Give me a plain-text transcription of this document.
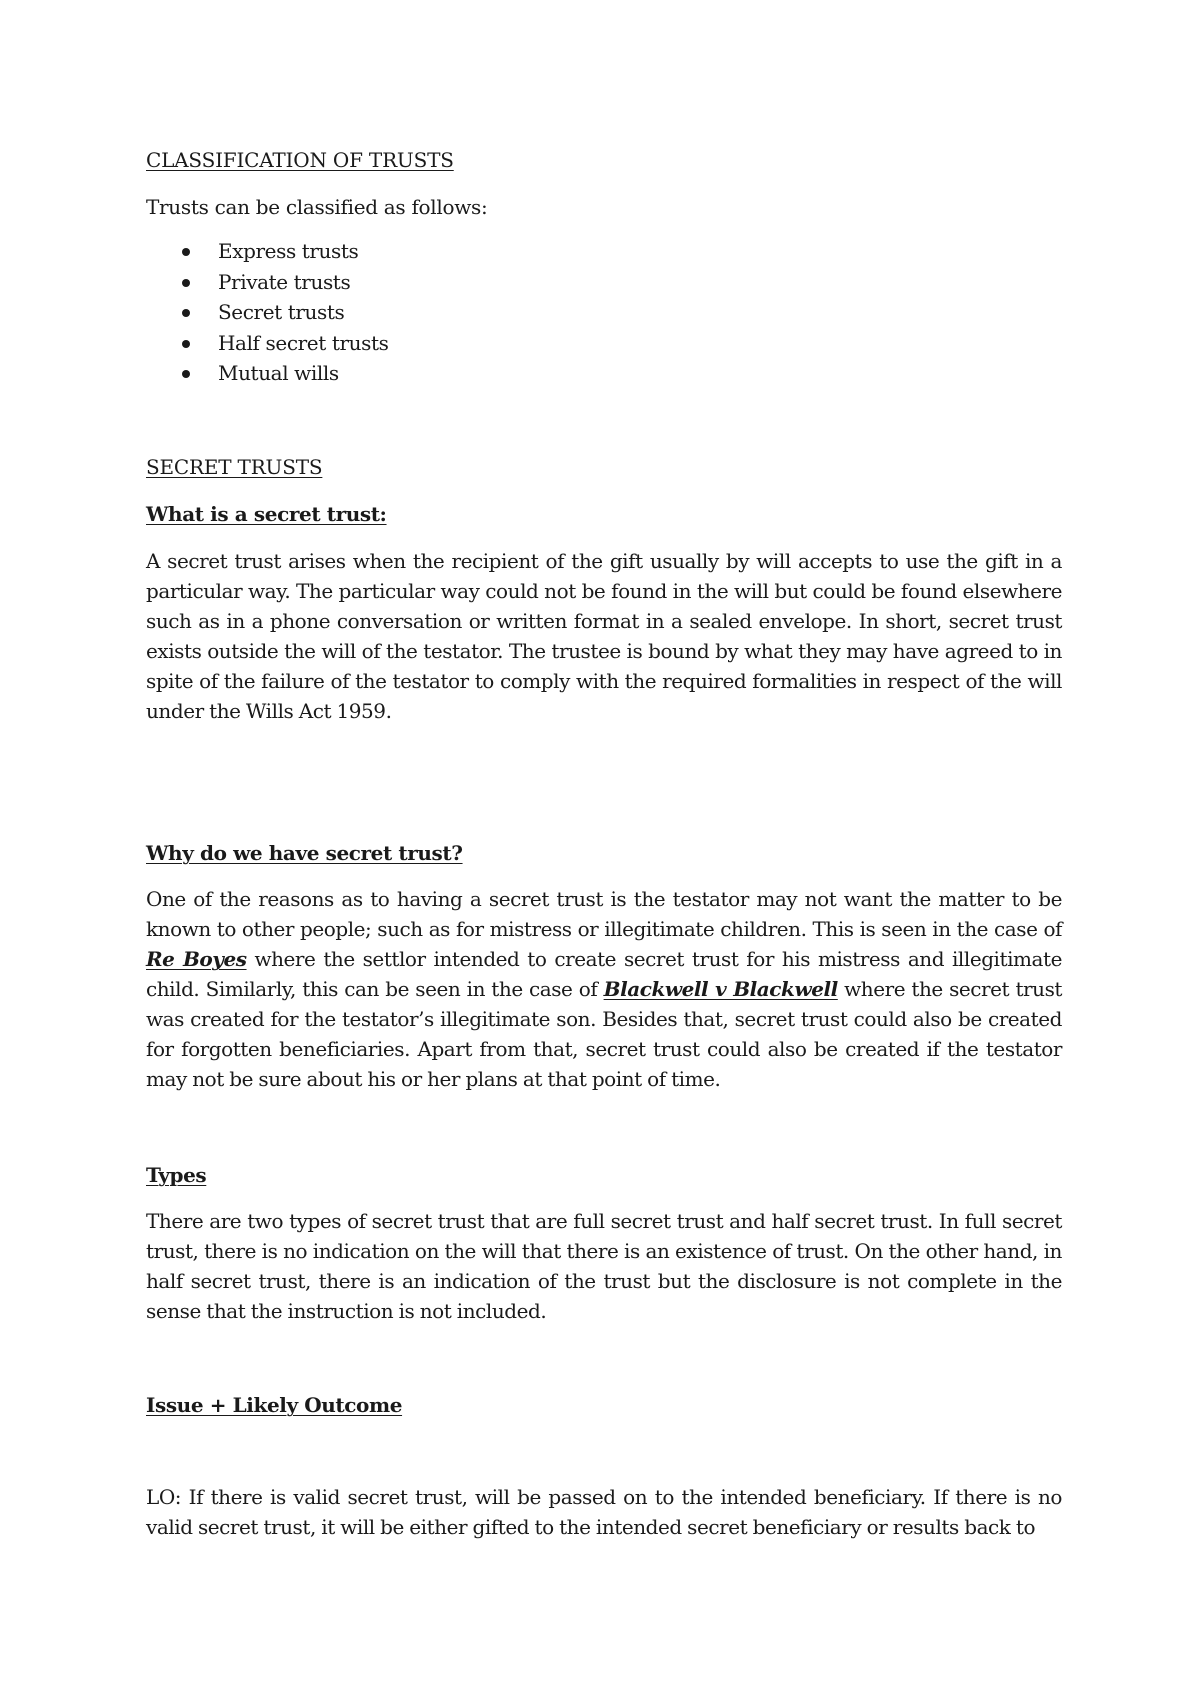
CLASSIFICATION OF TRUSTS
Trusts can be classified as follows:
Express trusts
Private trusts
Secret trusts
Half secret trusts
Mutual wills
SECRET TRUSTS
What is a secret trust:

A secret trust arises when the recipient of the gift usually by will accepts to use the gift in a particular way. The particular way could not be found in the will but could be found elsewhere such as in a phone conversation or written format in a sealed envelope. In short, secret trust exists outside the will of the testator. The trustee is bound by what they may have agreed to in spite of the failure of the testator to comply with the required formalities in respect of the will under the Wills Act 1959.

Why do we have secret trust?

One of the reasons as to having a secret trust is the testator may not want the matter to be known to other people; such as for mistress or illegitimate children. This is seen in the case of Re Boyes where the settlor intended to create secret trust for his mistress and illegitimate child. Similarly, this can be seen in the case of Blackwell v Blackwell where the secret trust was created for the testator’s illegitimate son. Besides that, secret trust could also be created for forgotten beneficiaries. Apart from that, secret trust could also be created if the testator may not be sure about his or her plans at that point of time.

Types

There are two types of secret trust that are full secret trust and half secret trust. In full secret trust, there is no indication on the will that there is an existence of trust. On the other hand, in half secret trust, there is an indication of the trust but the disclosure is not complete in the sense that the instruction is not included.

Issue + Likely Outcome

LO: If there is valid secret trust, will be passed on to the intended beneficiary. If there is no valid secret trust, it will be either gifted to the intended secret beneficiary or results back to
